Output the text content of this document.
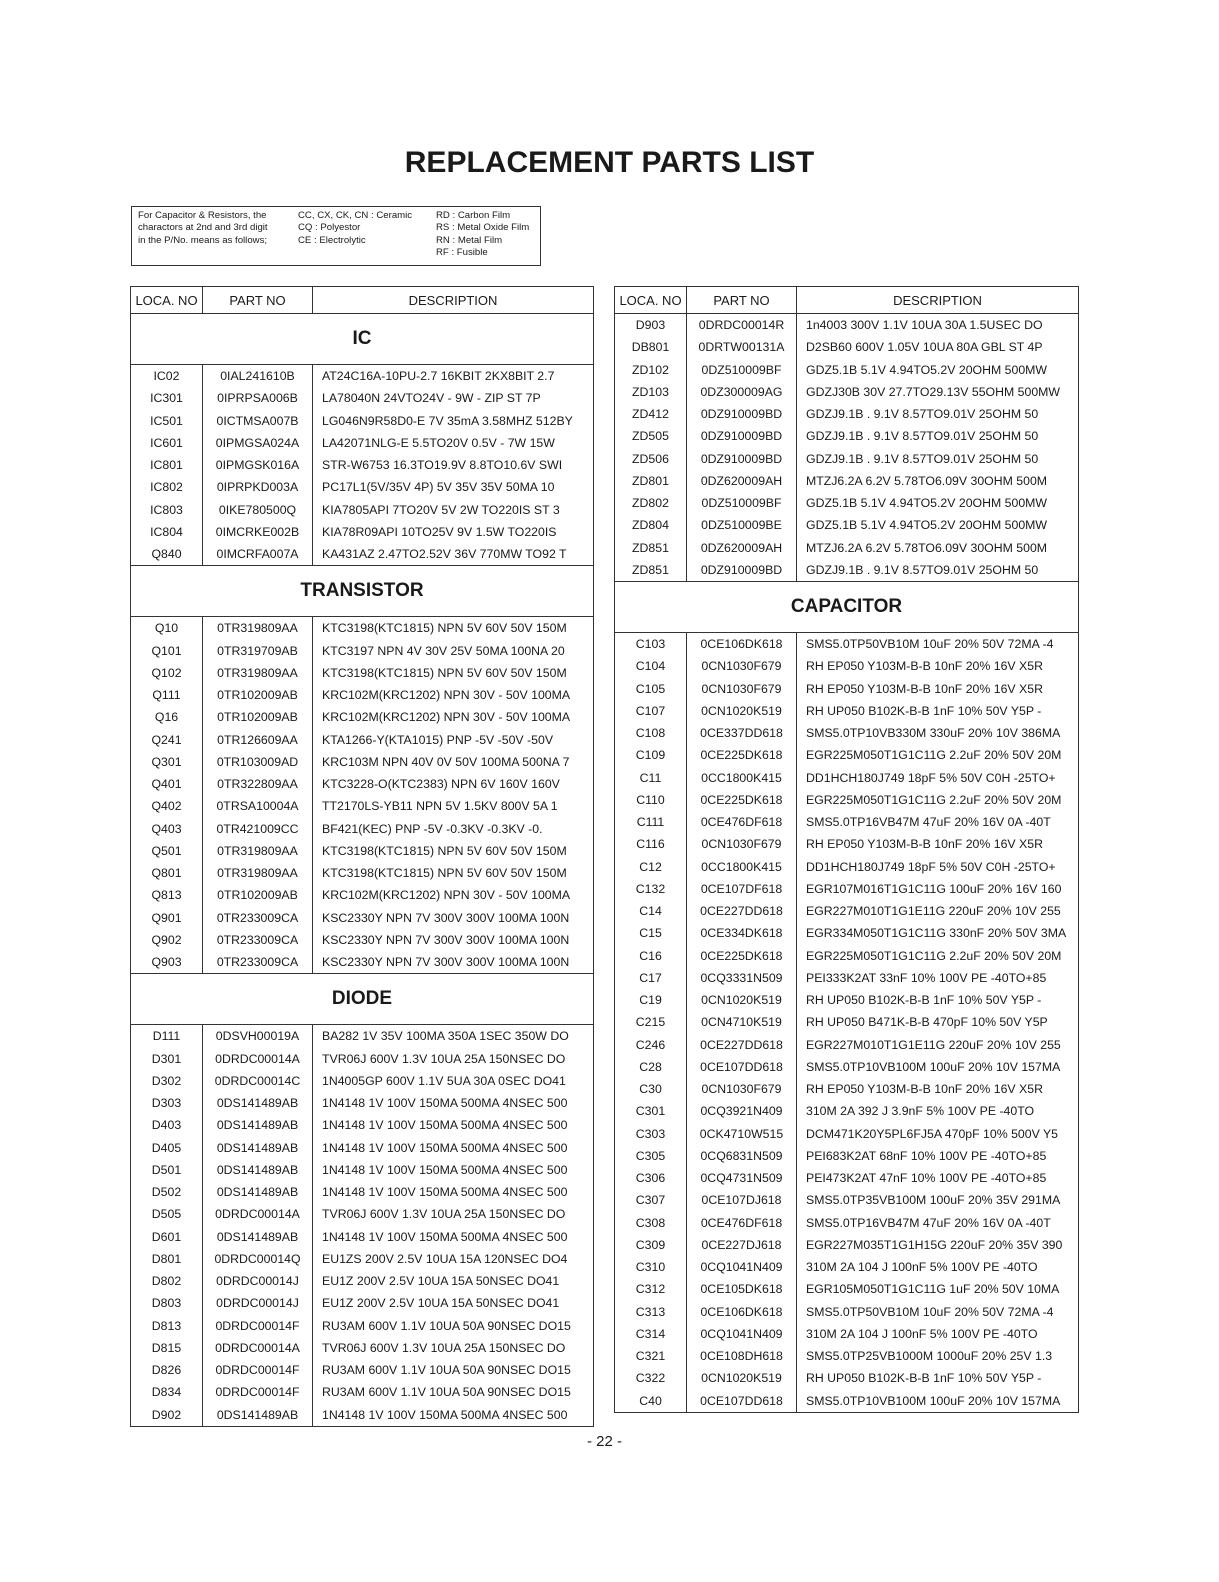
REPLACEMENT PARTS LIST
For Capacitor & Resistors, the
charactors at 2nd and 3rd digit
in the P/No. means as follows;
CC, CX, CK, CN : Ceramic
CQ : Polyestor
CE : Electrolytic
RD : Carbon Film
RS : Metal Oxide Film
RN : Metal Film
RF : Fusible
LOCA. NO	PART NO	DESCRIPTION
IC		
IC02	0IAL241610B	AT24C16A-10PU-2.7 16KBIT 2KX8BIT 2.7
IC301	0IPRPSA006B	LA78040N 24VTO24V - 9W - ZIP ST 7P
IC501	0ICTMSA007B	LG046N9R58D0-E 7V 35mA 3.58MHZ 512BY
IC601	0IPMGSA024A	LA42071NLG-E 5.5TO20V 0.5V - 7W 15W
IC801	0IPMGSK016A	STR-W6753 16.3TO19.9V 8.8TO10.6V SWI
IC802	0IPRPKD003A	PC17L1(5V/35V 4P) 5V 35V 35V 50MA 10
IC803	0IKE780500Q	KIA7805API 7TO20V 5V 2W TO220IS ST 3
IC804	0IMCRKE002B	KIA78R09API 10TO25V 9V 1.5W TO220IS
Q840	0IMCRFA007A	KA431AZ 2.47TO2.52V 36V 770MW TO92 T
TRANSISTOR		
Q10	0TR319809AA	KTC3198(KTC1815) NPN 5V 60V 50V 150M
Q101	0TR319709AB	KTC3197 NPN 4V 30V 25V 50MA 100NA 20
Q102	0TR319809AA	KTC3198(KTC1815) NPN 5V 60V 50V 150M
Q111	0TR102009AB	KRC102M(KRC1202) NPN 30V - 50V 100MA
Q16	0TR102009AB	KRC102M(KRC1202) NPN 30V - 50V 100MA
Q241	0TR126609AA	KTA1266-Y(KTA1015) PNP -5V -50V -50V
Q301	0TR103009AD	KRC103M NPN 40V 0V 50V 100MA 500NA 7
Q401	0TR322809AA	KTC3228-O(KTC2383) NPN 6V 160V 160V
Q402	0TRSA10004A	TT2170LS-YB11 NPN 5V 1.5KV 800V 5A 1
Q403	0TR421009CC	BF421(KEC) PNP -5V -0.3KV -0.3KV -0.
Q501	0TR319809AA	KTC3198(KTC1815) NPN 5V 60V 50V 150M
Q801	0TR319809AA	KTC3198(KTC1815) NPN 5V 60V 50V 150M
Q813	0TR102009AB	KRC102M(KRC1202) NPN 30V - 50V 100MA
Q901	0TR233009CA	KSC2330Y NPN 7V 300V 300V 100MA 100N
Q902	0TR233009CA	KSC2330Y NPN 7V 300V 300V 100MA 100N
Q903	0TR233009CA	KSC2330Y NPN 7V 300V 300V 100MA 100N
DIODE		
D111	0DSVH00019A	BA282 1V 35V 100MA 350A 1SEC 350W DO
D301	0DRDC00014A	TVR06J 600V 1.3V 10UA 25A 150NSEC DO
D302	0DRDC00014C	1N4005GP 600V 1.1V 5UA 30A 0SEC DO41
D303	0DS141489AB	1N4148 1V 100V 150MA 500MA 4NSEC 500
D403	0DS141489AB	1N4148 1V 100V 150MA 500MA 4NSEC 500
D405	0DS141489AB	1N4148 1V 100V 150MA 500MA 4NSEC 500
D501	0DS141489AB	1N4148 1V 100V 150MA 500MA 4NSEC 500
D502	0DS141489AB	1N4148 1V 100V 150MA 500MA 4NSEC 500
D505	0DRDC00014A	TVR06J 600V 1.3V 10UA 25A 150NSEC DO
D601	0DS141489AB	1N4148 1V 100V 150MA 500MA 4NSEC 500
D801	0DRDC00014Q	EU1ZS 200V 2.5V 10UA 15A 120NSEC DO4
D802	0DRDC00014J	EU1Z 200V 2.5V 10UA 15A 50NSEC DO41
D803	0DRDC00014J	EU1Z 200V 2.5V 10UA 15A 50NSEC DO41
D813	0DRDC00014F	RU3AM 600V 1.1V 10UA 50A 90NSEC DO15
D815	0DRDC00014A	TVR06J 600V 1.3V 10UA 25A 150NSEC DO
D826	0DRDC00014F	RU3AM 600V 1.1V 10UA 50A 90NSEC DO15
D834	0DRDC00014F	RU3AM 600V 1.1V 10UA 50A 90NSEC DO15
D902	0DS141489AB	1N4148 1V 100V 150MA 500MA 4NSEC 500
LOCA. NO	PART NO	DESCRIPTION
D903	0DRDC00014R	1n4003 300V 1.1V 10UA 30A 1.5USEC DO
DB801	0DRTW00131A	D2SB60 600V 1.05V 10UA 80A GBL ST 4P
ZD102	0DZ510009BF	GDZ5.1B 5.1V 4.94TO5.2V 20OHM 500MW
ZD103	0DZ300009AG	GDZJ30B 30V 27.7TO29.13V 55OHM 500MW
ZD412	0DZ910009BD	GDZJ9.1B . 9.1V 8.57TO9.01V 25OHM 50
ZD505	0DZ910009BD	GDZJ9.1B . 9.1V 8.57TO9.01V 25OHM 50
ZD506	0DZ910009BD	GDZJ9.1B . 9.1V 8.57TO9.01V 25OHM 50
ZD801	0DZ620009AH	MTZJ6.2A 6.2V 5.78TO6.09V 30OHM 500M
ZD802	0DZ510009BF	GDZ5.1B 5.1V 4.94TO5.2V 20OHM 500MW
ZD804	0DZ510009BE	GDZ5.1B 5.1V 4.94TO5.2V 20OHM 500MW
ZD851	0DZ620009AH	MTZJ6.2A 6.2V 5.78TO6.09V 30OHM 500M
ZD851	0DZ910009BD	GDZJ9.1B . 9.1V 8.57TO9.01V 25OHM 50
CAPACITOR		
C103	0CE106DK618	SMS5.0TP50VB10M 10uF 20% 50V 72MA -4
C104	0CN1030F679	RH EP050 Y103M-B-B 10nF 20% 16V X5R
C105	0CN1030F679	RH EP050 Y103M-B-B 10nF 20% 16V X5R
C107	0CN1020K519	RH UP050 B102K-B-B 1nF 10% 50V Y5P -
C108	0CE337DD618	SMS5.0TP10VB330M 330uF 20% 10V 386MA
C109	0CE225DK618	EGR225M050T1G1C11G 2.2uF 20% 50V 20M
C11	0CC1800K415	DD1HCH180J749 18pF 5% 50V C0H -25TO+
C110	0CE225DK618	EGR225M050T1G1C11G 2.2uF 20% 50V 20M
C111	0CE476DF618	SMS5.0TP16VB47M 47uF 20% 16V 0A -40T
C116	0CN1030F679	RH EP050 Y103M-B-B 10nF 20% 16V X5R
C12	0CC1800K415	DD1HCH180J749 18pF 5% 50V C0H -25TO+
C132	0CE107DF618	EGR107M016T1G1C11G 100uF 20% 16V 160
C14	0CE227DD618	EGR227M010T1G1E11G 220uF 20% 10V 255
C15	0CE334DK618	EGR334M050T1G1C11G 330nF 20% 50V 3MA
C16	0CE225DK618	EGR225M050T1G1C11G 2.2uF 20% 50V 20M
C17	0CQ3331N509	PEI333K2AT 33nF 10% 100V PE -40TO+85
C19	0CN1020K519	RH UP050 B102K-B-B 1nF 10% 50V Y5P -
C215	0CN4710K519	RH UP050 B471K-B-B 470pF 10% 50V Y5P
C246	0CE227DD618	EGR227M010T1G1E11G 220uF 20% 10V 255
C28	0CE107DD618	SMS5.0TP10VB100M 100uF 20% 10V 157MA
C30	0CN1030F679	RH EP050 Y103M-B-B 10nF 20% 16V X5R
C301	0CQ3921N409	310M 2A 392 J 3.9nF 5% 100V PE -40TO
C303	0CK4710W515	DCM471K20Y5PL6FJ5A 470pF 10% 500V Y5
C305	0CQ6831N509	PEI683K2AT 68nF 10% 100V PE -40TO+85
C306	0CQ4731N509	PEI473K2AT 47nF 10% 100V PE -40TO+85
C307	0CE107DJ618	SMS5.0TP35VB100M 100uF 20% 35V 291MA
C308	0CE476DF618	SMS5.0TP16VB47M 47uF 20% 16V 0A -40T
C309	0CE227DJ618	EGR227M035T1G1H15G 220uF 20% 35V 390
C310	0CQ1041N409	310M 2A 104 J 100nF 5% 100V PE -40TO
C312	0CE105DK618	EGR105M050T1G1C11G 1uF 20% 50V 10MA
C313	0CE106DK618	SMS5.0TP50VB10M 10uF 20% 50V 72MA -4
C314	0CQ1041N409	310M 2A 104 J 100nF 5% 100V PE -40TO
C321	0CE108DH618	SMS5.0TP25VB1000M 1000uF 20% 25V 1.3
C322	0CN1020K519	RH UP050 B102K-B-B 1nF 10% 50V Y5P -
C40	0CE107DD618	SMS5.0TP10VB100M 100uF 20% 10V 157MA
- 22 -
